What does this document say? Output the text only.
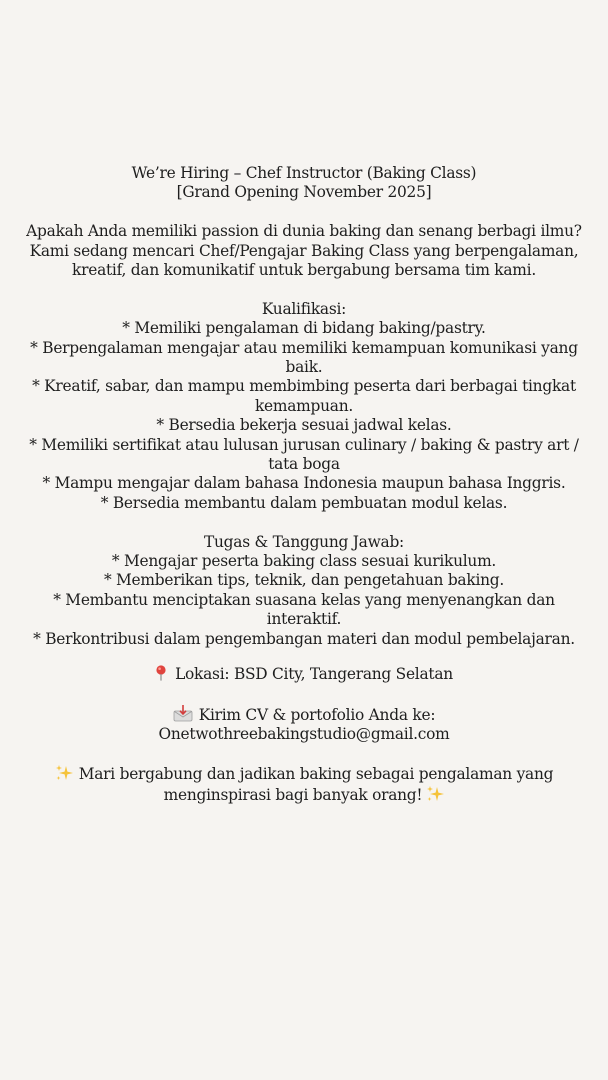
We’re Hiring – Chef Instructor (Baking Class)
[Grand Opening November 2025]
Apakah Anda memiliki passion di dunia baking dan senang berbagi ilmu?
Kami sedang mencari Chef/Pengajar Baking Class yang berpengalaman, kreatif, dan komunikatif untuk bergabung bersama tim kami.
Kualifikasi:
* Memiliki pengalaman di bidang baking/pastry.
* Berpengalaman mengajar atau memiliki kemampuan komunikasi yang baik.
* Kreatif, sabar, dan mampu membimbing peserta dari berbagai tingkat kemampuan.
* Bersedia bekerja sesuai jadwal kelas.
* Memiliki sertifikat atau lulusan jurusan culinary / baking & pastry art / tata boga
* Mampu mengajar dalam bahasa Indonesia maupun bahasa Inggris.
* Bersedia membantu dalam pembuatan modul kelas.
Tugas & Tanggung Jawab:
* Mengajar peserta baking class sesuai kurikulum.
* Memberikan tips, teknik, dan pengetahuan baking.
* Membantu menciptakan suasana kelas yang menyenangkan dan interaktif.
* Berkontribusi dalam pengembangan materi dan modul pembelajaran.
Lokasi: BSD City, Tangerang Selatan
Kirim CV & portofolio Anda ke:
Onetwothreebakingstudio@gmail.com
Mari bergabung dan jadikan baking sebagai pengalaman yang menginspirasi bagi banyak orang!
